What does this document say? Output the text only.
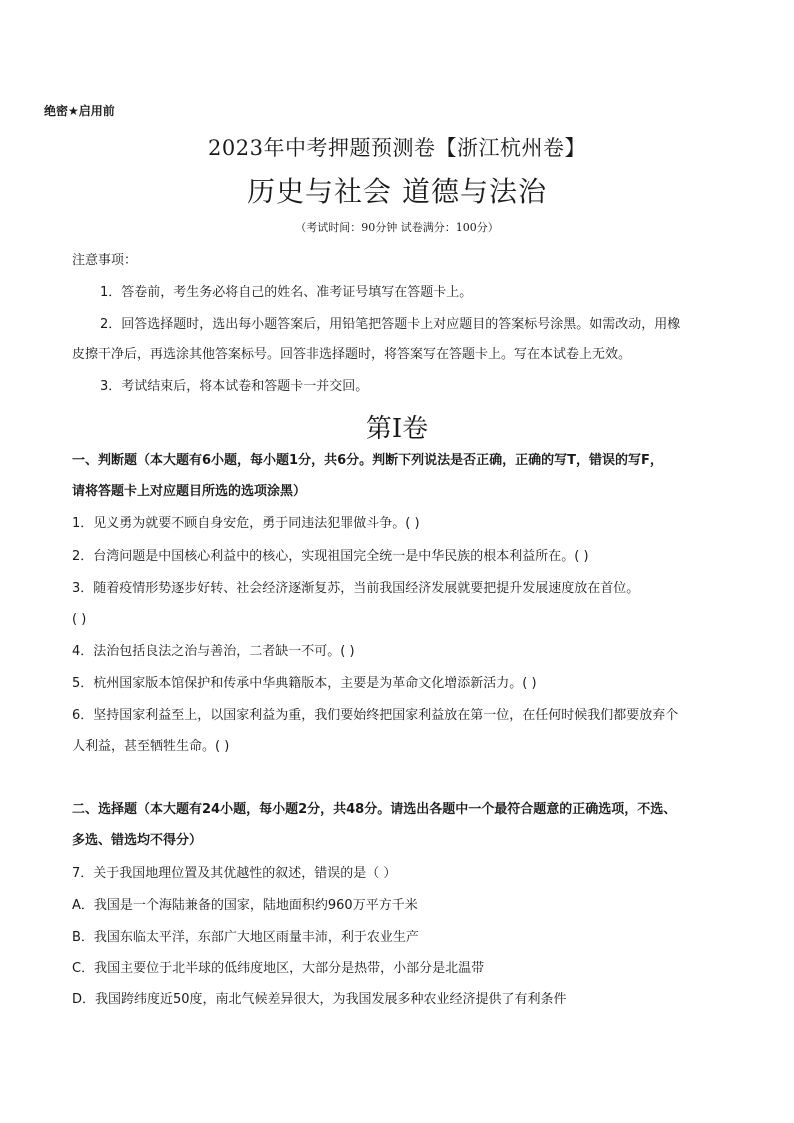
绝密★启用前
2023年中考押题预测卷【浙江杭州卷】
历史与社会 道德与法治
（考试时间：90分钟 试卷满分：100分）
注意事项：
1．答卷前，考生务必将自己的姓名、准考证号填写在答题卡上。
2．回答选择题时，选出每小题答案后，用铅笔把答题卡上对应题目的答案标号涂黑。如需改动，用橡
皮擦干净后，再选涂其他答案标号。回答非选择题时，将答案写在答题卡上。写在本试卷上无效。
3．考试结束后，将本试卷和答题卡一并交回。
第Ⅰ卷
一、判断题（本大题有6小题，每小题1分，共6分。判断下列说法是否正确，正确的写T，错误的写F，
请将答题卡上对应题目所选的选项涂黑）
1．见义勇为就要不顾自身安危，勇于同违法犯罪做斗争。( )
2．台湾问题是中国核心利益中的核心，实现祖国完全统一是中华民族的根本利益所在。( )
3．随着疫情形势逐步好转、社会经济逐渐复苏，当前我国经济发展就要把提升发展速度放在首位。
( )
4．法治包括良法之治与善治，二者缺一不可。( )
5．杭州国家版本馆保护和传承中华典籍版本，主要是为革命文化增添新活力。( )
6．坚持国家利益至上，以国家利益为重，我们要始终把国家利益放在第一位，在任何时候我们都要放弃个
人利益，甚至牺牲生命。( )
二、选择题（本大题有24小题，每小题2分，共48分。请选出各题中一个最符合题意的正确选项，不选、
多选、错选均不得分）
7．关于我国地理位置及其优越性的叙述，错误的是（ ）
A．我国是一个海陆兼备的国家，陆地面积约960万平方千米
B．我国东临太平洋，东部广大地区雨量丰沛，利于农业生产
C．我国主要位于北半球的低纬度地区，大部分是热带，小部分是北温带
D．我国跨纬度近50度，南北气候差异很大，为我国发展多种农业经济提供了有利条件
